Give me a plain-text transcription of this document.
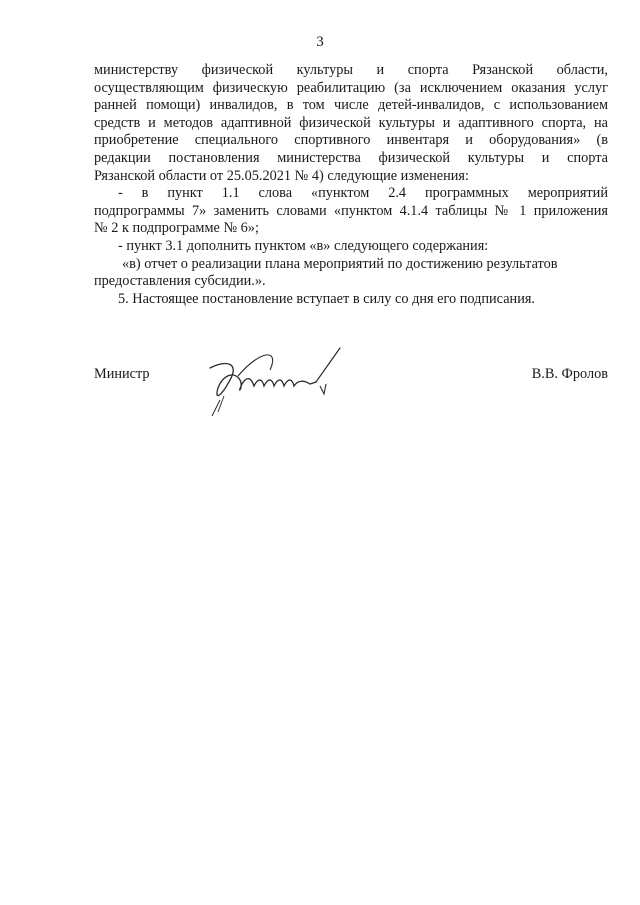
3
министерству физической культуры и спорта Рязанской области,
осуществляющим физическую реабилитацию (за исключением оказания услуг
ранней помощи) инвалидов, в том числе детей-инвалидов, с использованием
средств и методов адаптивной физической культуры и адаптивного спорта, на
приобретение специального спортивного инвентаря и оборудования» (в
редакции постановления министерства физической культуры и спорта
Рязанской области от 25.05.2021 № 4) следующие изменения:
- в пункт 1.1 слова «пунктом 2.4 программных мероприятий
подпрограммы 7» заменить словами «пунктом 4.1.4 таблицы № 1 приложения
№ 2 к подпрограмме № 6»;
- пункт 3.1 дополнить пунктом «в» следующего содержания:
«в) отчет о реализации плана мероприятий по достижению результатов
предоставления субсидии.».
5. Настоящее постановление вступает в силу со дня его подписания.
Министр	В.В. Фролов
